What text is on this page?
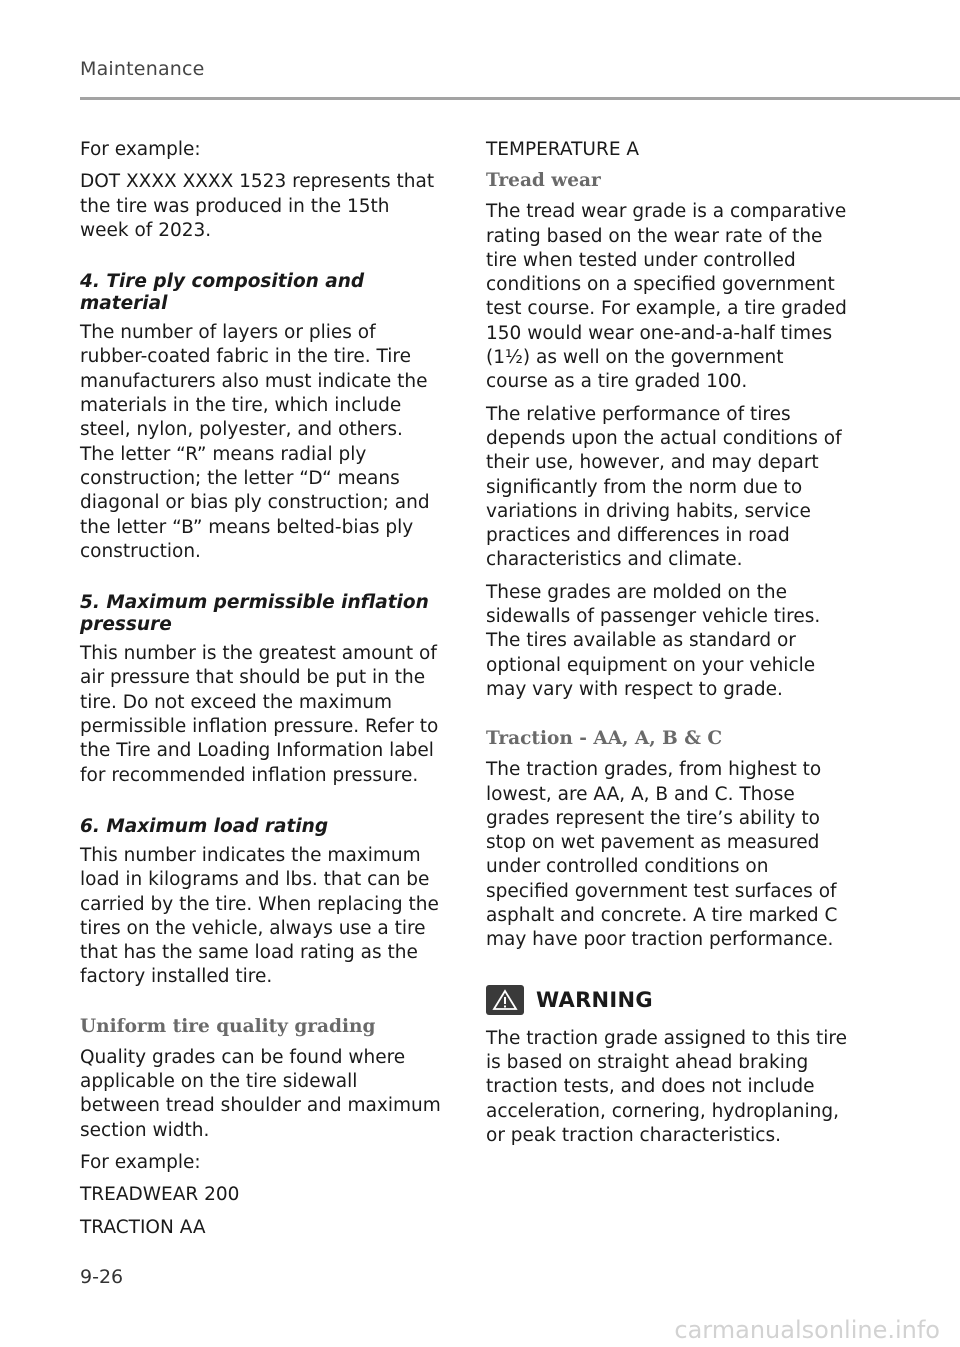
Maintenance

For example:

DOT XXXX XXXX 1523 represents that the tire was produced in the 15th week of 2023.

4. Tire ply composition and material

The number of layers or plies of rubber-coated fabric in the tire. Tire manufacturers also must indicate the materials in the tire, which include steel, nylon, polyester, and others. The letter “R” means radial ply construction; the letter “D“ means diagonal or bias ply construction; and the letter “B” means belted-bias ply construction.

5. Maximum permissible inflation pressure

This number is the greatest amount of air pressure that should be put in the tire. Do not exceed the maximum permissible inflation pressure. Refer to the Tire and Loading Information label for recommended inflation pressure.

6. Maximum load rating

This number indicates the maximum load in kilograms and lbs. that can be carried by the tire. When replacing the tires on the vehicle, always use a tire that has the same load rating as the factory installed tire.

Uniform tire quality grading

Quality grades can be found where applicable on the tire sidewall between tread shoulder and maximum section width.

For example:

TREADWEAR 200

TRACTION AA

TEMPERATURE A

Tread wear

The tread wear grade is a comparative rating based on the wear rate of the tire when tested under controlled conditions on a specified government test course. For example, a tire graded 150 would wear one-and-a-half times (1½) as well on the government course as a tire graded 100.

The relative performance of tires depends upon the actual conditions of their use, however, and may depart significantly from the norm due to variations in driving habits, service practices and differences in road characteristics and climate.

These grades are molded on the sidewalls of passenger vehicle tires. The tires available as standard or optional equipment on your vehicle may vary with respect to grade.

Traction - AA, A, B & C

The traction grades, from highest to lowest, are AA, A, B and C. Those grades represent the tire’s ability to stop on wet pavement as measured under controlled conditions on specified government test surfaces of asphalt and concrete. A tire marked C may have poor traction performance.

WARNING

The traction grade assigned to this tire is based on straight ahead braking traction tests, and does not include acceleration, cornering, hydroplaning, or peak traction characteristics.

9-26
carmanualsonline.info
